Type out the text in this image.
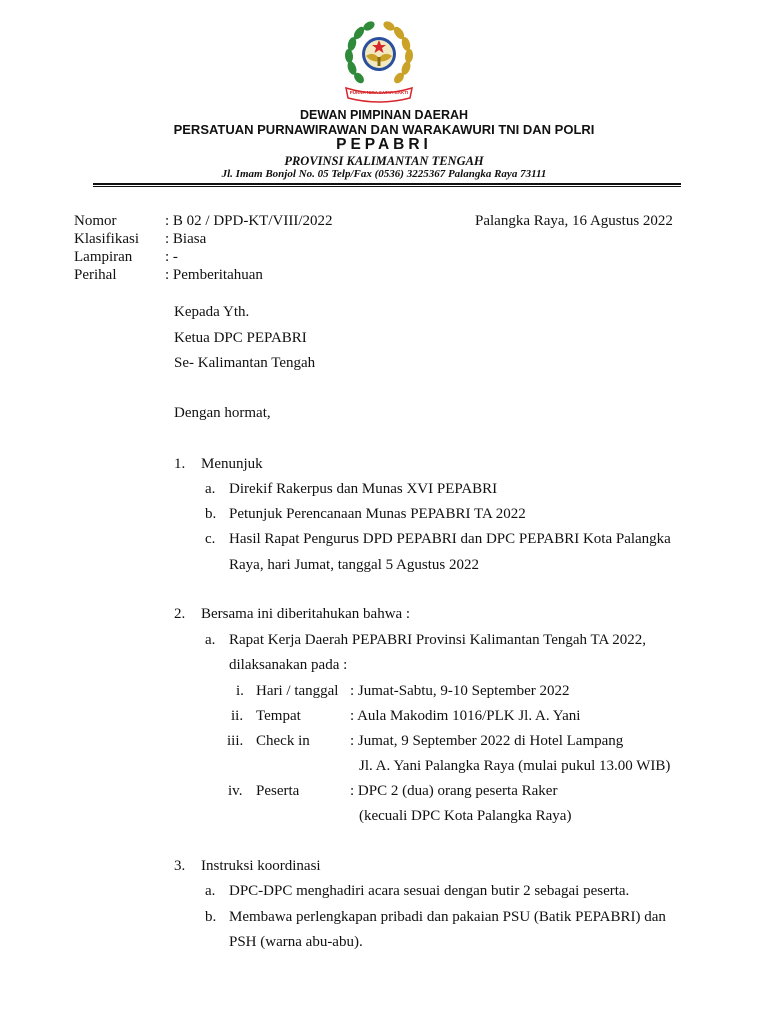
PURNA NIRA SATYA BAKTI
DEWAN PIMPINAN DAERAH
PERSATUAN PURNAWIRAWAN DAN WARAKAWURI TNI DAN POLRI
PEPABRI
PROVINSI KALIMANTAN TENGAH
Jl. Imam Bonjol No. 05 Telp/Fax (0536) 3225367 Palangka Raya 73111
Nomor	: B 02 / DPD-KT/VIII/2022	Palangka Raya, 16 Agustus 2022
Klasifikasi : Biasa
Lampiran : -
Perihal	: Pemberitahuan
Kepada Yth.
Ketua DPC PEPABRI
Se- Kalimantan Tengah
Dengan hormat,
1. Menunjuk
a. Direkif Rakerpus dan Munas XVI PEPABRI
b. Petunjuk Perencanaan Munas PEPABRI TA 2022
c. Hasil Rapat Pengurus DPD PEPABRI dan DPC PEPABRI Kota Palangka
Raya, hari Jumat, tanggal 5 Agustus 2022
2. Bersama ini diberitahukan bahwa :
a. Rapat Kerja Daerah PEPABRI Provinsi Kalimantan Tengah TA 2022,
dilaksanakan pada :
i. Hari / tanggal : Jumat-Sabtu, 9-10 September 2022
ii. Tempat	: Aula Makodim 1016/PLK Jl. A. Yani
iii. Check in	: Jumat, 9 September 2022 di Hotel Lampang
Jl. A. Yani Palangka Raya (mulai pukul 13.00 WIB)
iv. Peserta	: DPC 2 (dua) orang peserta Raker
(kecuali DPC Kota Palangka Raya)
3. Instruksi koordinasi
a. DPC-DPC menghadiri acara sesuai dengan butir 2 sebagai peserta.
b. Membawa perlengkapan pribadi dan pakaian PSU (Batik PEPABRI) dan
PSH (warna abu-abu).
